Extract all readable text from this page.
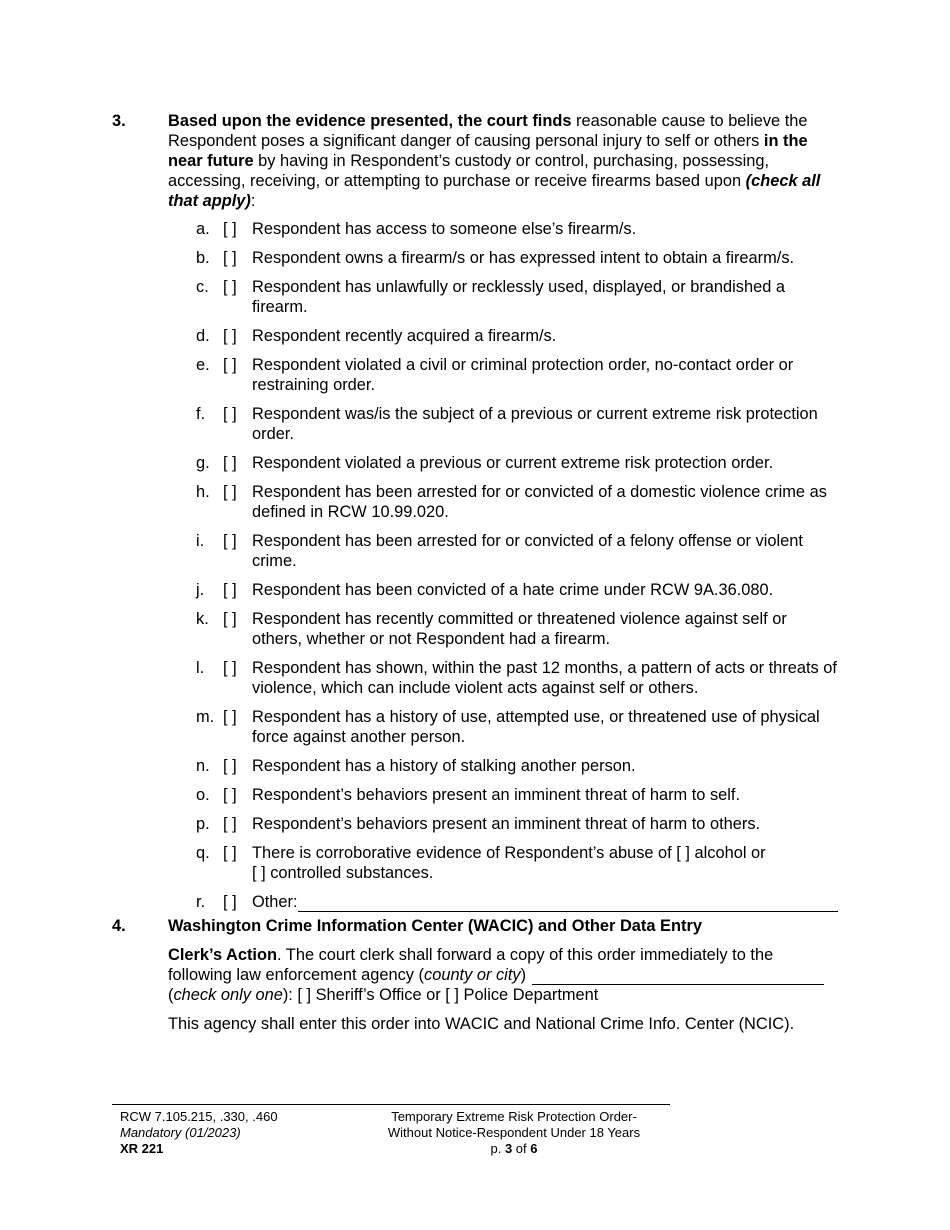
3.	Based upon the evidence presented, the court finds reasonable cause to believe the Respondent poses a significant danger of causing personal injury to self or others in the near future by having in Respondent’s custody or control, purchasing, possessing, accessing, receiving, or attempting to purchase or receive firearms based upon (check all that apply):
a. [ ] Respondent has access to someone else’s firearm/s.
b. [ ] Respondent owns a firearm/s or has expressed intent to obtain a firearm/s.
c. [ ] Respondent has unlawfully or recklessly used, displayed, or brandished a firearm.
d. [ ] Respondent recently acquired a firearm/s.
e. [ ] Respondent violated a civil or criminal protection order, no-contact order or restraining order.
f. [ ] Respondent was/is the subject of a previous or current extreme risk protection order.
g. [ ] Respondent violated a previous or current extreme risk protection order.
h. [ ] Respondent has been arrested for or convicted of a domestic violence crime as defined in RCW 10.99.020.
i. [ ] Respondent has been arrested for or convicted of a felony offense or violent crime.
j. [ ] Respondent has been convicted of a hate crime under RCW 9A.36.080.
k. [ ] Respondent has recently committed or threatened violence against self or others, whether or not Respondent had a firearm.
l. [ ] Respondent has shown, within the past 12 months, a pattern of acts or threats of violence, which can include violent acts against self or others.
m. [ ] Respondent has a history of use, attempted use, or threatened use of physical force against another person.
n. [ ] Respondent has a history of stalking another person.
o. [ ] Respondent’s behaviors present an imminent threat of harm to self.
p. [ ] Respondent’s behaviors present an imminent threat of harm to others.
q. [ ] There is corroborative evidence of Respondent’s abuse of [ ] alcohol or
[ ] controlled substances.
r. [ ] Other:
4.	Washington Crime Information Center (WACIC) and Other Data Entry
Clerk’s Action. The court clerk shall forward a copy of this order immediately to the following law enforcement agency (county or city)
(check only one): [ ] Sheriff’s Office or [ ] Police Department
This agency shall enter this order into WACIC and National Crime Info. Center (NCIC).
RCW 7.105.215, .330, .460
Mandatory (01/2023)
XR 221
Temporary Extreme Risk Protection Order-
Without Notice-Respondent Under 18 Years
p. 3 of 6
